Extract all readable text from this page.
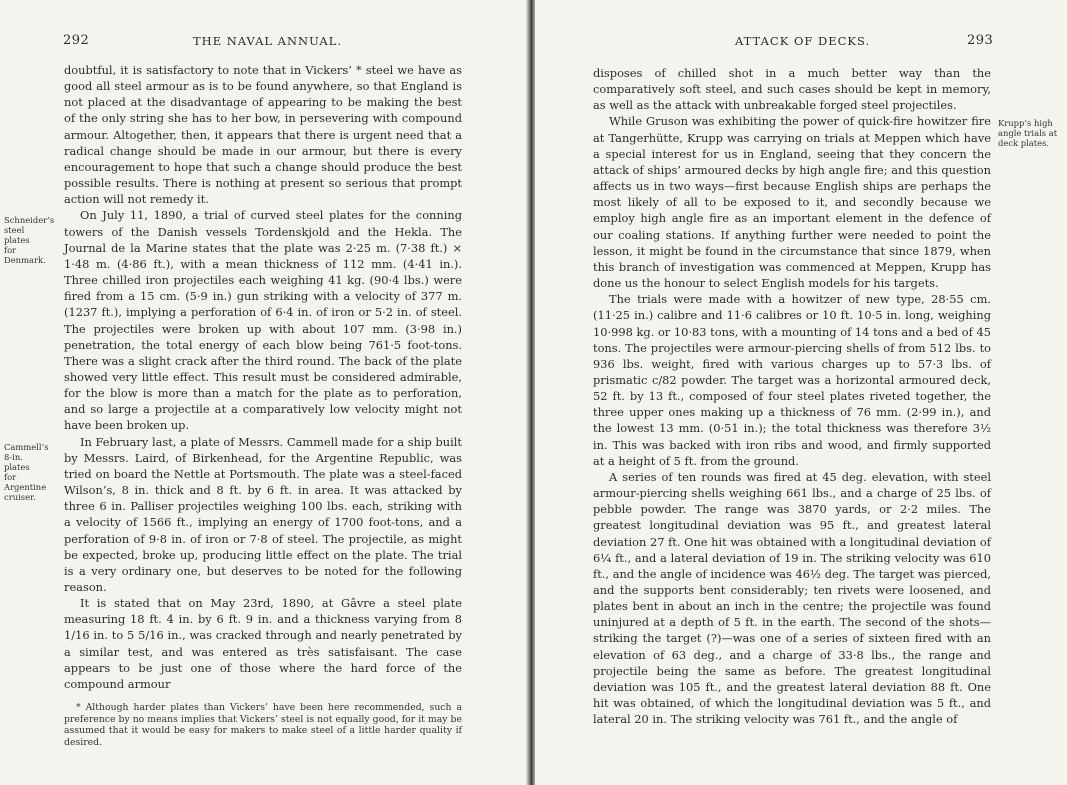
292	THE NAVAL ANNUAL.
Schneider’s steel plates for Denmark.
Cammell’s 8-in. plates for Argentine cruiser.

doubtful, it is satisfactory to note that in Vickers’ * steel we have as good all steel armour as is to be found anywhere, so that England is not placed at the disadvantage of appearing to be making the best of the only string she has to her bow, in persevering with compound armour. Altogether, then, it appears that there is urgent need that a radical change should be made in our armour, but there is every encouragement to hope that such a change should produce the best possible results. There is nothing at present so serious that prompt action will not remedy it.

On July 11, 1890, a trial of curved steel plates for the conning towers of the Danish vessels Tordenskjold and the Hekla. The Journal de la Marine states that the plate was 2·25 m. (7·38 ft.) × 1·48 m. (4·86 ft.), with a mean thickness of 112 mm. (4·41 in.). Three chilled iron projectiles each weighing 41 kg. (90·4 lbs.) were fired from a 15 cm. (5·9 in.) gun striking with a velocity of 377 m. (1237 ft.), implying a perforation of 6·4 in. of iron or 5·2 in. of steel. The projectiles were broken up with about 107 mm. (3·98 in.) penetration, the total energy of each blow being 761·5 foot-tons. There was a slight crack after the third round. The back of the plate showed very little effect. This result must be considered admirable, for the blow is more than a match for the plate as to perforation, and so large a projectile at a comparatively low velocity might not have been broken up.

In February last, a plate of Messrs. Cammell made for a ship built by Messrs. Laird, of Birkenhead, for the Argentine Republic, was tried on board the Nettle at Portsmouth. The plate was a steel-faced Wilson’s, 8 in. thick and 8 ft. by 6 ft. in area. It was attacked by three 6 in. Palliser projectiles weighing 100 lbs. each, striking with a velocity of 1566 ft., implying an energy of 1700 foot-tons, and a perforation of 9·8 in. of iron or 7·8 of steel. The projectile, as might be expected, broke up, producing little effect on the plate. The trial is a very ordinary one, but deserves to be noted for the following reason.

It is stated that on May 23rd, 1890, at Gâvre a steel plate measuring 18 ft. 4 in. by 6 ft. 9 in. and a thickness varying from 8 1/16 in. to 5 5/16 in., was cracked through and nearly penetrated by a similar test, and was entered as très satisfaisant. The case appears to be just one of those where the hard force of the compound armour

* Although harder plates than Vickers’ have been here recommended, such a preference by no means implies that Vickers’ steel is not equally good, for it may be assumed that it would be easy for makers to make steel of a little harder quality if desired.

ATTACK OF DECKS.	293

disposes of chilled shot in a much better way than the comparatively soft steel, and such cases should be kept in memory, as well as the attack with unbreakable forged steel projectiles.

While Gruson was exhibiting the power of quick-fire howitzer fire at Tangerhütte, Krupp was carrying on trials at Meppen which have a special interest for us in England, seeing that they concern the attack of ships’ armoured decks by high angle fire; and this question affects us in two ways—first because English ships are perhaps the most likely of all to be exposed to it, and secondly because we employ high angle fire as an important element in the defence of our coaling stations. If anything further were needed to point the lesson, it might be found in the circumstance that since 1879, when this branch of investigation was commenced at Meppen, Krupp has done us the honour to select English models for his targets.

The trials were made with a howitzer of new type, 28·55 cm. (11·25 in.) calibre and 11·6 calibres or 10 ft. 10·5 in. long, weighing 10·998 kg. or 10·83 tons, with a mounting of 14 tons and a bed of 45 tons. The projectiles were armour-piercing shells of from 512 lbs. to 936 lbs. weight, fired with various charges up to 57·3 lbs. of prismatic c/82 powder. The target was a horizontal armoured deck, 52 ft. by 13 ft., composed of four steel plates riveted together, the three upper ones making up a thickness of 76 mm. (2·99 in.), and the lowest 13 mm. (0·51 in.); the total thickness was therefore 3½ in. This was backed with iron ribs and wood, and firmly supported at a height of 5 ft. from the ground.

A series of ten rounds was fired at 45 deg. elevation, with steel armour-piercing shells weighing 661 lbs., and a charge of 25 lbs. of pebble powder. The range was 3870 yards, or 2·2 miles. The greatest longitudinal deviation was 95 ft., and greatest lateral deviation 27 ft. One hit was obtained with a longitudinal deviation of 6¼ ft., and a lateral deviation of 19 in. The striking velocity was 610 ft., and the angle of incidence was 46½ deg. The target was pierced, and the supports bent considerably; ten rivets were loosened, and plates bent in about an inch in the centre; the projectile was found uninjured at a depth of 5 ft. in the earth. The second of the shots—striking the target (?)—was one of a series of sixteen fired with an elevation of 63 deg., and a charge of 33·8 lbs., the range and projectile being the same as before. The greatest longitudinal deviation was 105 ft., and the greatest lateral deviation 88 ft. One hit was obtained, of which the longitudinal deviation was 5 ft., and lateral 20 in. The striking velocity was 761 ft., and the angle of

Krupp’s high angle trials at deck plates.
